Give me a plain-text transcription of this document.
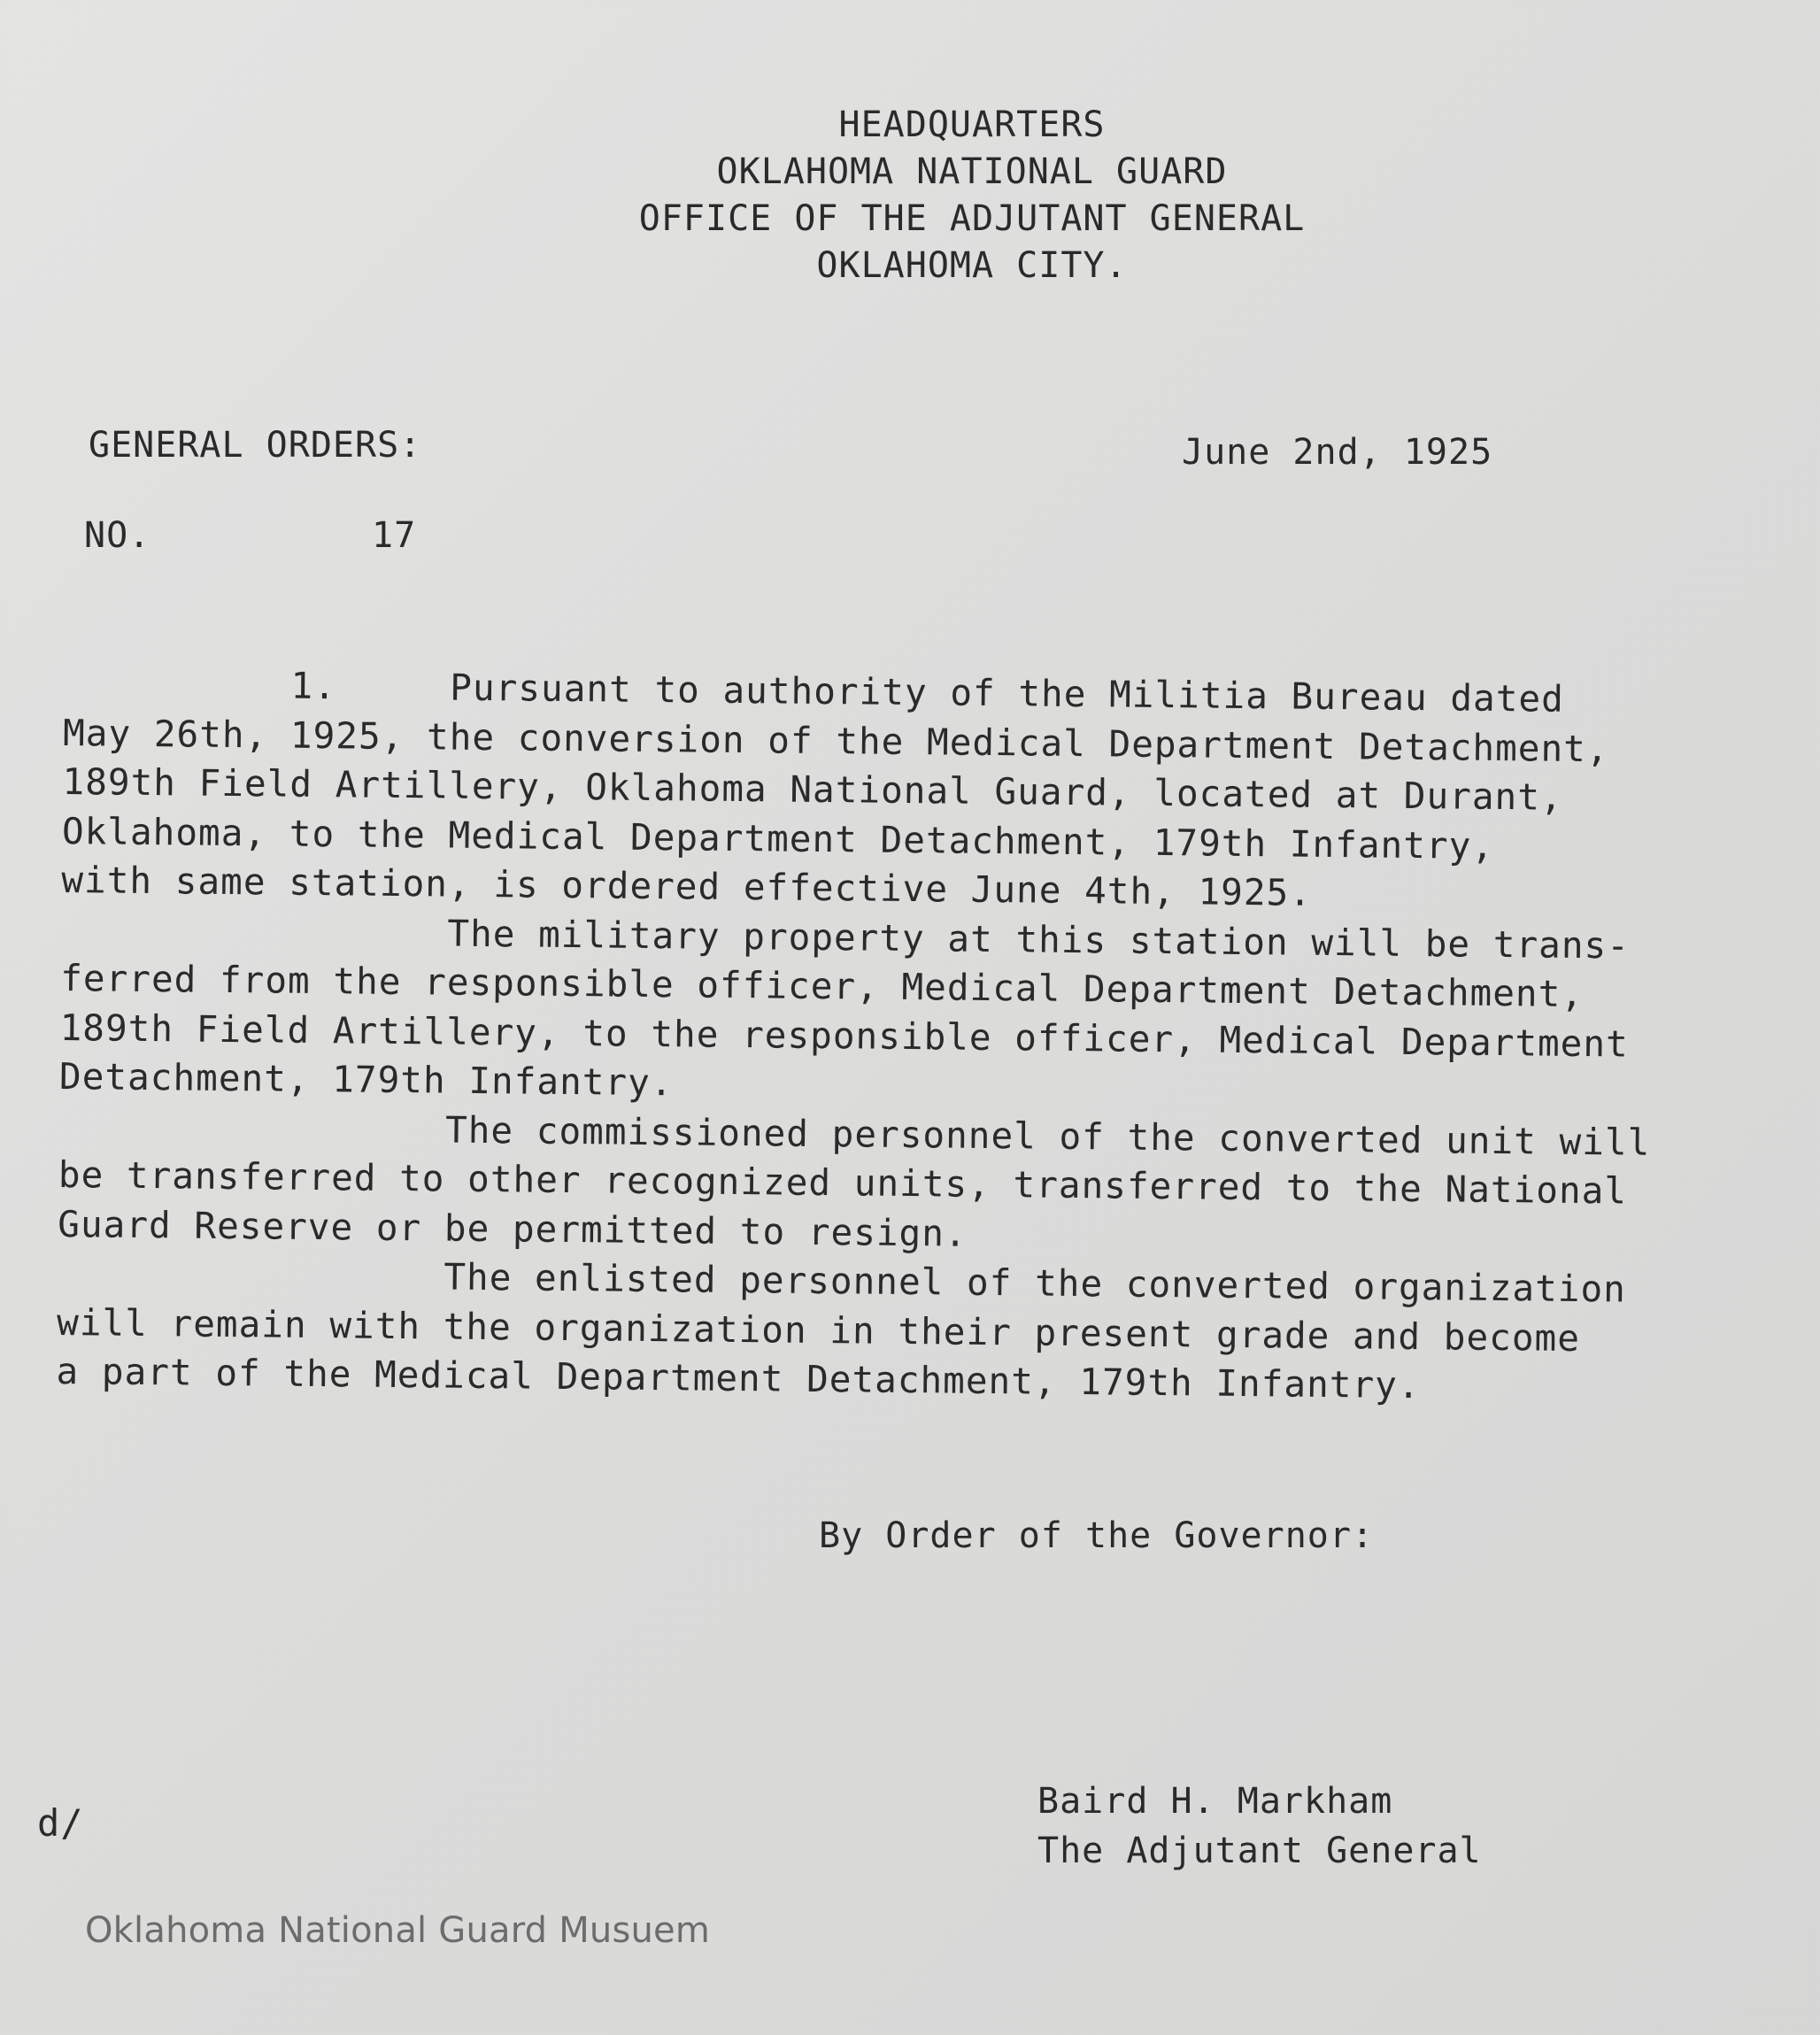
HEADQUARTERS
OKLAHOMA NATIONAL GUARD
OFFICE OF THE ADJUTANT GENERAL
OKLAHOMA CITY.
GENERAL ORDERS:	June 2nd, 1925
NO.	17
1.     Pursuant to authority of the Militia Bureau dated
May 26th, 1925, the conversion of the Medical Department Detachment,
189th Field Artillery, Oklahoma National Guard, located at Durant,
Oklahoma, to the Medical Department Detachment, 179th Infantry,
with same station, is ordered effective June 4th, 1925.
The military property at this station will be trans-
ferred from the responsible officer, Medical Department Detachment,
189th Field Artillery, to the responsible officer, Medical Department
Detachment, 179th Infantry.
The commissioned personnel of the converted unit will
be transferred to other recognized units, transferred to the National
Guard Reserve or be permitted to resign.
The enlisted personnel of the converted organization
will remain with the organization in their present grade and become
a part of the Medical Department Detachment, 179th Infantry.
By Order of the Governor:
d/	Baird H. Markham
The Adjutant General
Oklahoma National Guard Musuem
